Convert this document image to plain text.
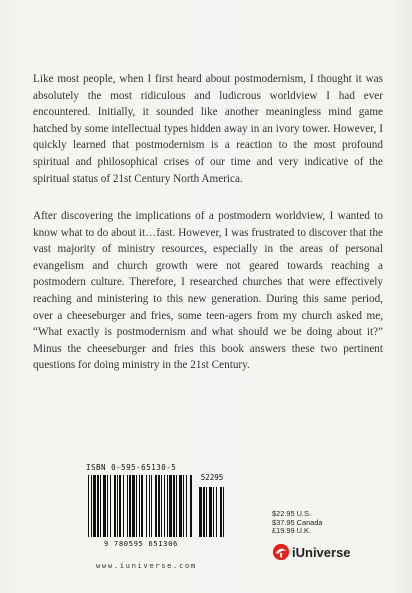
Like most people, when I first heard about postmodernism, I thought it was absolutely the most ridiculous and ludicrous worldview I had ever encountered. Initially, it sounded like another meaningless mind game hatched by some intellectual types hidden away in an ivory tower. However, I quickly learned that postmodernism is a reaction to the most profound spiritual and philosophical crises of our time and very indicative of the spiritual status of 21st Century North America.

After discovering the implications of a postmodern worldview, I wanted to know what to do about it…fast. However, I was frustrated to discover that the vast majority of ministry resources, especially in the areas of personal evangelism and church growth were not geared towards reaching a postmodern culture. Therefore, I researched churches that were effectively reaching and ministering to this new generation. During this same period, over a cheeseburger and fries, some teen-agers from my church asked me, “What exactly is postmodernism and what should we be doing about it?” Minus the cheeseburger and fries this book answers these two pertinent questions for doing ministry in the 21st Century.

ISBN 0-595-65130-5
52295
9 780595 651306
www.iuniverse.com
$22.95 U.S.
$37.95 Canada
£19.99 U.K.
iUniverse
